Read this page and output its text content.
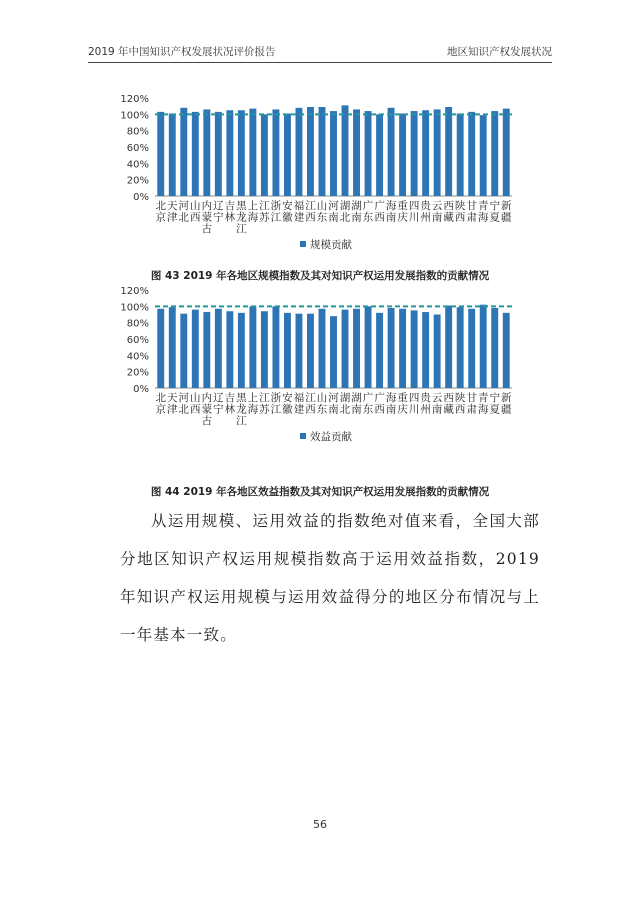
2019 年中国知识产权发展状况评价报告	地区知识产权发展状况
0%
20%
40%
60%
80%
100%
120%
北京
天津
河北
山西
内蒙古
辽宁
吉林
黑龙江
上海
江苏
浙江
安徽
福建
江西
山东
河南
湖北
湖南
广东
广西
海南
重庆
四川
贵州
云南
西藏
陕西
甘肃
青海
宁夏
新疆
规模贡献
图 43 2019 年各地区规模指数及其对知识产权运用发展指数的贡献情况
0%
20%
40%
60%
80%
100%
120%
北京
天津
河北
山西
内蒙古
辽宁
吉林
黑龙江
上海
江苏
浙江
安徽
福建
江西
山东
河南
湖北
湖南
广东
广西
海南
重庆
四川
贵州
云南
西藏
陕西
甘肃
青海
宁夏
新疆
效益贡献
图 44 2019 年各地区效益指数及其对知识产权运用发展指数的贡献情况
从运用规模、运用效益的指数绝对值来看，全国大部分地区知识产权运用规模指数高于运用效益指数，2019 年知识产权运用规模与运用效益得分的地区分布情况与上一年基本一致。
56
